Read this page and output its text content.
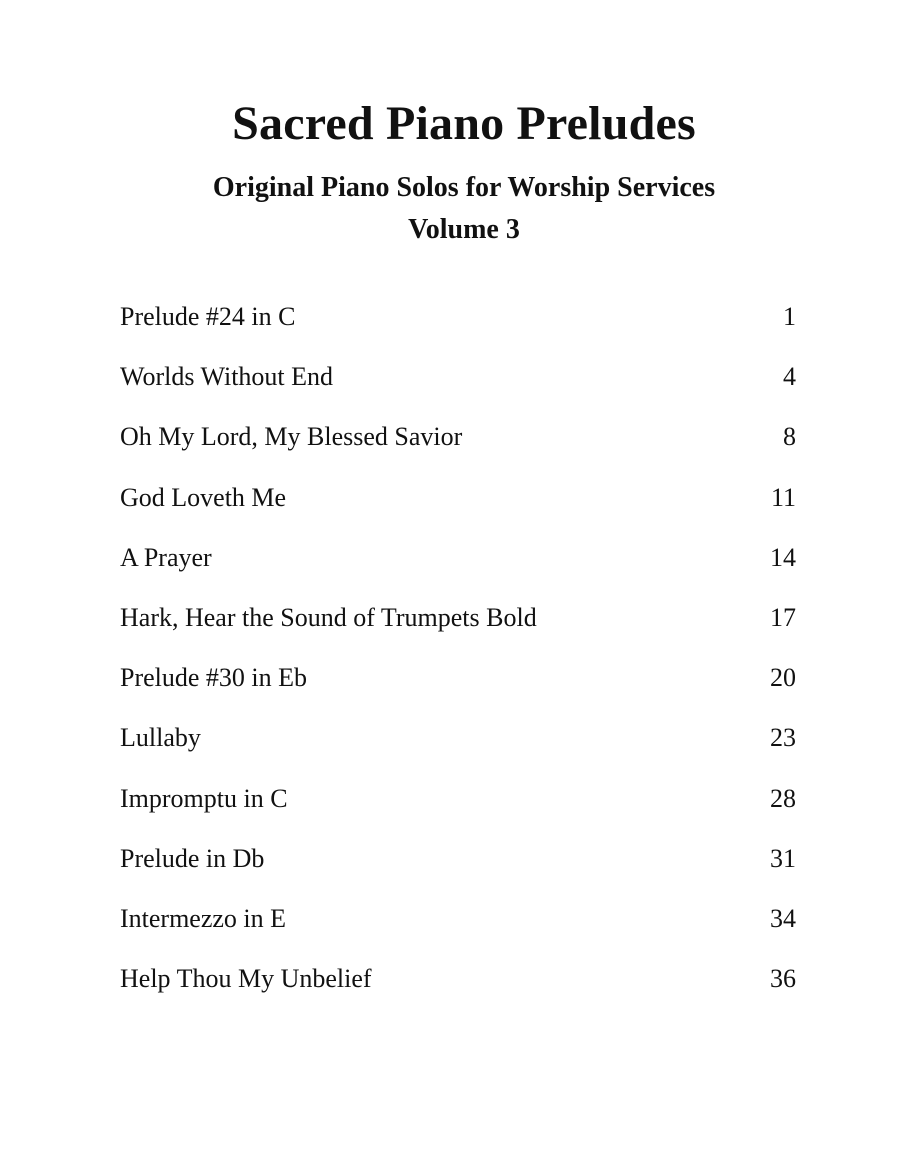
Sacred Piano Preludes
Original Piano Solos for Worship Services
Volume 3
Prelude #24 in C	1
Worlds Without End	4
Oh My Lord, My Blessed Savior	8
God Loveth Me	11
A Prayer	14
Hark, Hear the Sound of Trumpets Bold	17
Prelude #30 in Eb	20
Lullaby	23
Impromptu in C	28
Prelude in Db	31
Intermezzo in E	34
Help Thou My Unbelief	36
